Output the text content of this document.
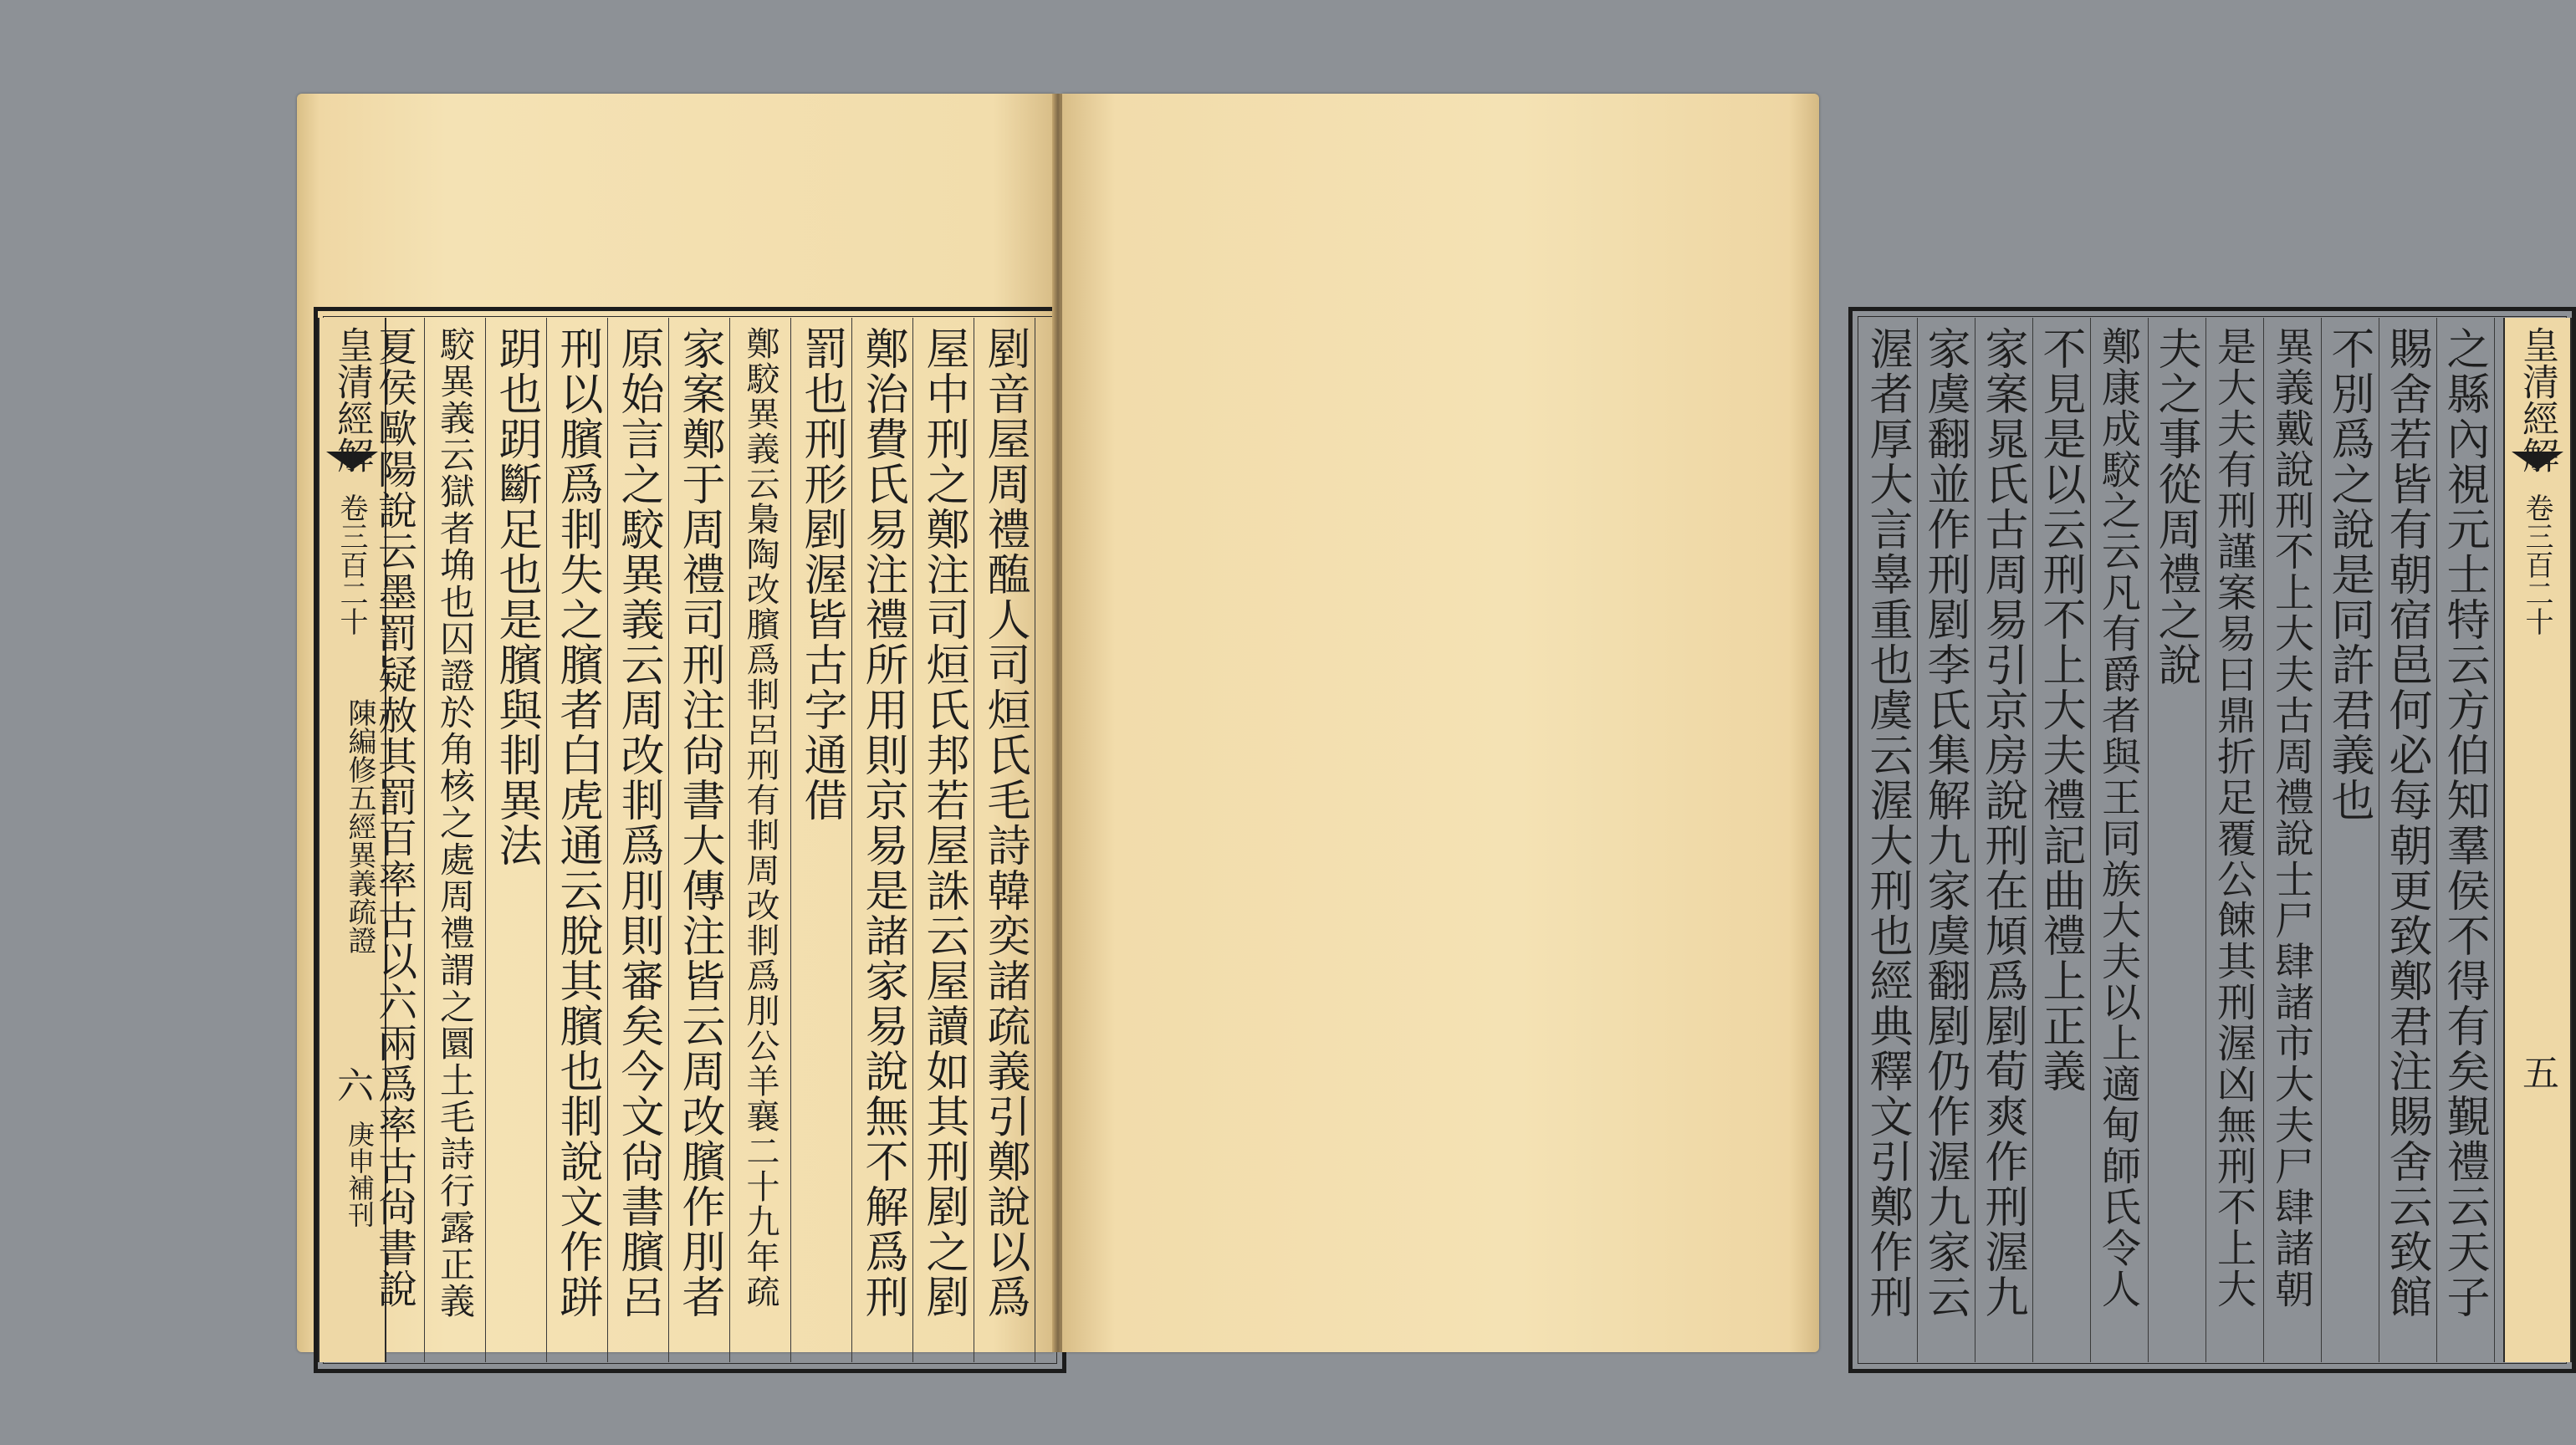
皇清經解
卷三百二十
陳編修五經異義疏證
六
庚申補刊	剭音屋周禮醢人司烜氏毛詩韓奕諸疏義引鄭說以爲
屋中刑之鄭注司烜氏邦若屋誅云屋讀如其刑剭之剭
鄭治費氏易注禮所用則京易是諸家易說無不解爲刑
罰也刑形剭渥皆古字通借
鄭駮異義云梟陶改臏爲剕呂刑有剕周改剕爲刖公羊襄二十九年疏
家案鄭于周禮司刑注尙書大傳注皆云周改臏作刖者
原始言之駮異義云周改剕爲刖則審矣今文尙書臏呂
刑以臏爲剕失之臏者白虎通云脫其臏也剕說文作跰
跀也跀斷足也是臏與剕異法
駮異義云獄者埆也囚證於角核之處周禮謂之圜土毛詩行露正義
夏侯歐陽說云墨罰疑赦其罰百率古以六兩爲率古尙書說	皇清經解
卷三百二十
五
之縣內視元士特云方伯知羣侯不得有矣覲禮云天子
賜舍若皆有朝宿邑何必每朝更致鄭君注賜舍云致館
不別爲之說是同許君義也
異義戴說刑不上大夫古周禮說士尸肆諸市大夫尸肆諸朝
是大夫有刑謹案易曰鼎折足覆公餗其刑渥凶無刑不上大
夫之事從周禮之說
鄭康成駮之云凡有爵者與王同族大夫以上適甸師氏令人
不見是以云刑不上大夫禮記曲禮上正義
家案晁氏古周易引京房說刑在頄爲剭荀爽作刑渥九
家虞翻並作刑剭李氏集解九家虞翻剭仍作渥九家云
渥者厚大言辠重也虞云渥大刑也經典釋文引鄭作刑
